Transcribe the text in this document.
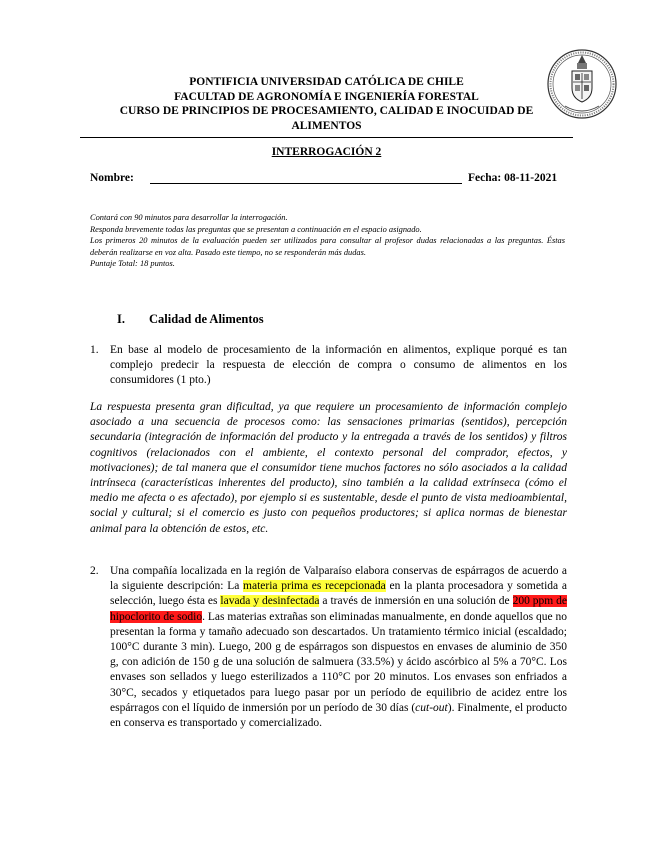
PONTIFICIA UNIVERSIDAD CATÓLICA DE CHILE
FACULTAD DE AGRONOMÍA E INGENIERÍA FORESTAL
CURSO DE PRINCIPIOS DE PROCESAMIENTO, CALIDAD E INOCUIDAD DE
ALIMENTOS
INTERROGACIÓN 2
Nombre:	Fecha: 08-11-2021

Contará con 90 minutos para desarrollar la interrogación.

Responda brevemente todas las preguntas que se presentan a continuación en el espacio asignado.

Los primeros 20 minutos de la evaluación pueden ser utilizados para consultar al profesor dudas relacionadas a las preguntas. Éstas deberán realizarse en voz alta. Pasado este tiempo, no se responderán más dudas.

Puntaje Total: 18 puntos.

I. Calidad de Alimentos
1. En base al modelo de procesamiento de la información en alimentos, explique porqué es tan complejo predecir la respuesta de elección de compra o consumo de alimentos en los consumidores (1 pto.)
La respuesta presenta gran dificultad, ya que requiere un procesamiento de información complejo asociado a una secuencia de procesos como: las sensaciones primarias (sentidos), percepción secundaria (integración de información del producto y la entregada a través de los sentidos) y filtros cognitivos (relacionados con el ambiente, el contexto personal del comprador, efectos, y motivaciones); de tal manera que el consumidor tiene muchos factores no sólo asociados a la calidad intrínseca (características inherentes del producto), sino también a la calidad extrínseca (cómo el medio me afecta o es afectado), por ejemplo si es sustentable, desde el punto de vista medioambiental, social y cultural; si el comercio es justo con pequeños productores; si aplica normas de bienestar animal para la obtención de estos, etc.
2. Una compañía localizada en la región de Valparaíso elabora conservas de espárragos de acuerdo a la siguiente descripción: La materia prima es recepcionada en la planta procesadora y sometida a selección, luego ésta es lavada y desinfectada a través de inmersión en una solución de 200 ppm de hipoclorito de sodio. Las materias extrañas son eliminadas manualmente, en donde aquellos que no presentan la forma y tamaño adecuado son descartados. Un tratamiento térmico inicial (escaldado; 100°C durante 3 min). Luego, 200 g de espárragos son dispuestos en envases de aluminio de 350 g, con adición de 150 g de una solución de salmuera (33.5%) y ácido ascórbico al 5% a 70°C. Los envases son sellados y luego esterilizados a 110°C por 20 minutos. Los envases son enfriados a 30°C, secados y etiquetados para luego pasar por un período de equilibrio de acidez entre los espárragos con el líquido de inmersión por un período de 30 días (cut-out). Finalmente, el producto en conserva es transportado y comercializado.
